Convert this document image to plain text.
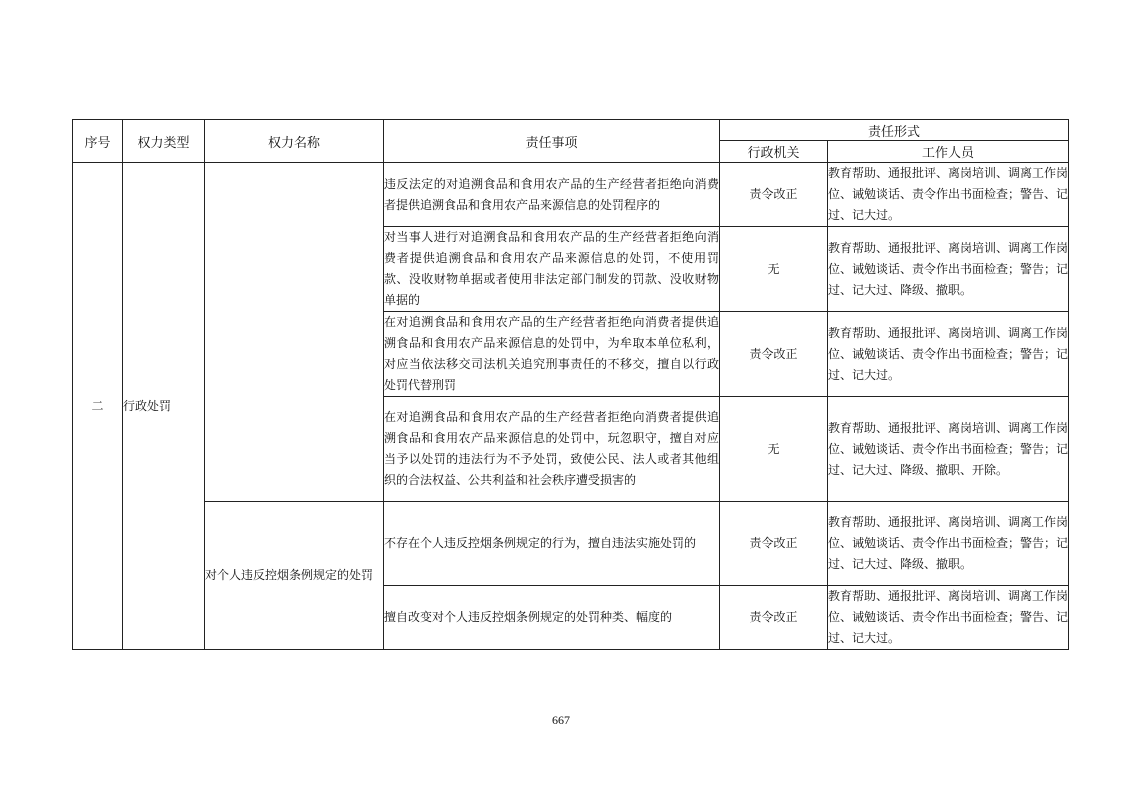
序号	权力类型	权力名称	责任事项	责任形式	
				行政机关	工作人员
二	行政处罚		违反法定的对追溯食品和食用农产品的生产经营者拒绝向消费者提供追溯食品和食用农产品来源信息的处罚程序的	责令改正	教育帮助、通报批评、离岗培训、调离工作岗位、诫勉谈话、责令作出书面检查；警告、记过、记大过。
			对当事人进行对追溯食品和食用农产品的生产经营者拒绝向消费者提供追溯食品和食用农产品来源信息的处罚，不使用罚款、没收财物单据或者使用非法定部门制发的罚款、没收财物单据的	无	教育帮助、通报批评、离岗培训、调离工作岗位、诫勉谈话、责令作出书面检查；警告；记过、记大过、降级、撤职。
			在对追溯食品和食用农产品的生产经营者拒绝向消费者提供追溯食品和食用农产品来源信息的处罚中，为牟取本单位私利，对应当依法移交司法机关追究刑事责任的不移交，擅自以行政处罚代替刑罚	责令改正	教育帮助、通报批评、离岗培训、调离工作岗位、诫勉谈话、责令作出书面检查；警告；记过、记大过。
			在对追溯食品和食用农产品的生产经营者拒绝向消费者提供追溯食品和食用农产品来源信息的处罚中，玩忽职守，擅自对应当予以处罚的违法行为不予处罚，致使公民、法人或者其他组织的合法权益、公共利益和社会秩序遭受损害的	无	教育帮助、通报批评、离岗培训、调离工作岗位、诫勉谈话、责令作出书面检查；警告；记过、记大过、降级、撤职、开除。
		对个人违反控烟条例规定的处罚	不存在个人违反控烟条例规定的行为，擅自违法实施处罚的	责令改正	教育帮助、通报批评、离岗培训、调离工作岗位、诫勉谈话、责令作出书面检查；警告；记过、记大过、降级、撤职。
			擅自改变对个人违反控烟条例规定的处罚种类、幅度的	责令改正	教育帮助、通报批评、离岗培训、调离工作岗位、诫勉谈话、责令作出书面检查；警告、记过、记大过。
667
